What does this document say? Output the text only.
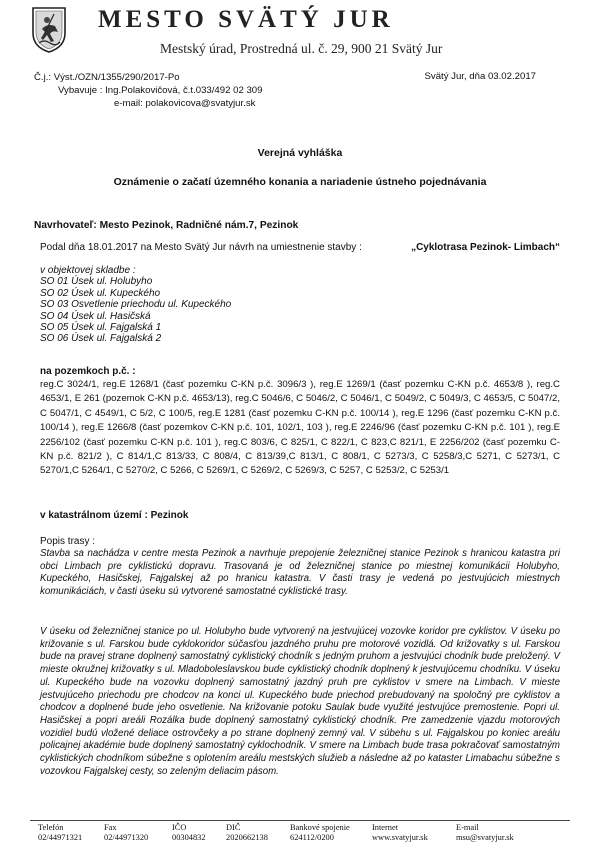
MESTO SVÄTÝ JUR
Mestský úrad, Prostredná ul. č. 29, 900 21 Svätý Jur
Č.j.: Výst./OZN/1355/290/2017-Po
Vybavuje : Ing.Polakovičová, č.t.033/492 02 309
e-mail: polakovicova@svatyjur.sk
Svätý Jur, dňa 03.02.2017
Verejná vyhláška
Oznámenie o začatí územného konania a nariadenie ústneho pojednávania
Navrhovateľ: Mesto Pezinok, Radničné nám.7, Pezinok
Podal dňa 18.01.2017 na Mesto Svätý Jur návrh na umiestnenie stavby :	„Cyklotrasa Pezinok- Limbach“
v objektovej skladbe :
SO 01 Úsek ul. Holubyho
SO 02 Úsek ul. Kupeckého
SO 03 Osvetlenie priechodu ul. Kupeckého
SO 04 Úsek ul. Hasičská
SO 05 Úsek ul. Fajgalská 1
SO 06 Úsek ul. Fajgalská 2
na pozemkoch p.č. :
reg.C 3024/1, reg.E 1268/1 (časť pozemku C-KN p.č. 3096/3 ), reg.E 1269/1 (časť pozemku C-KN p.č. 4653/8 ), reg.C 4653/1, E 261 (pozemok C-KN p.č. 4653/13), reg.C 5046/6, C 5046/2, C 5046/1, C 5049/2, C 5049/3, C 4653/5, C 5047/2, C 5047/1, C 4549/1, C 5/2, C 100/5, reg.E 1281 (časť pozemku C-KN p.č. 100/14 ), reg.E 1296 (časť pozemku C-KN p.č. 100/14 ), reg.E 1266/8 (časť pozemkov C-KN p.č. 101, 102/1, 103 ), reg.E 2246/96 (časť pozemku C-KN p.č. 101 ), reg.E 2256/102 (časť pozemku C-KN p.č. 101 ), reg.C 803/6, C 825/1, C 822/1, C 823,C 821/1, E 2256/202 (časť pozemku C-KN p.č. 821/2 ), C 814/1,C 813/33, C 808/4, C 813/39,C 813/1, C 808/1, C 5273/3, C 5258/3,C 5271, C 5273/1, C 5270/1,C 5264/1, C 5270/2, C 5266, C 5269/1, C 5269/2, C 5269/3, C 5257, C 5253/2, C 5253/1
v katastrálnom území : Pezinok
Popis trasy :
Stavba sa nachádza v centre mesta Pezinok a navrhuje prepojenie železničnej stanice Pezinok s hranicou katastra pri obci Limbach pre cyklistickú dopravu. Trasovaná je od železničnej stanice po miestnej komunikácii Holubyho, Kupeckého, Hasičskej, Fajgalskej až po hranicu katastra. V časti trasy je vedená po jestvujúcich miestnych komunikáciách, v časti úseku sú vytvorené samostatné cyklistické trasy.
V úseku od železničnej stanice po ul. Holubyho bude vytvorený na jestvujúcej vozovke koridor pre cyklistov. V úseku po križovanie s ul. Farskou bude cyklokoridor súčasťou jazdného pruhu pre motorové vozidlá. Od križovatky s ul. Farskou bude na pravej strane doplnený samostatný cyklistický chodník s jedným pruhom a jestvujúci chodník bude preložený. V mieste okružnej križovatky s ul. Mladoboleslavskou bude cyklistický chodník doplnený k jestvujúcemu chodníku. V úseku ul. Kupeckého bude na vozovku doplnený samostatný jazdný pruh pre cyklistov v smere na Limbach. V mieste jestvujúceho priechodu pre chodcov na konci ul. Kupeckého bude priechod prebudovaný na spoločný pre cyklistov a chodcov a doplnené bude jeho osvetlenie. Na križovanie potoku Saulak bude využité jestvujúce premostenie. Popri ul. Hasičskej a popri areáli Rozálka bude doplnený samostatný cyklistický chodník. Pre zamedzenie vjazdu motorových vozidiel budú vložené deliace ostrovčeky a po strane doplnený zemný val. V súbehu s ul. Fajgalskou po koniec areálu policajnej akadémie bude doplnený samostatný cyklochodník. V smere na Limbach bude trasa pokračovať samostatným cyklistických chodníkom súbežne s oplotením areálu mestských služieb a následne až po kataster Limabachu súbežne s vozovkou Fajgalskej cesty, so zeleným deliacim pásom.
Telefón
02/44971321
Fax
02/44971320
IČO
00304832
DIČ
2020662138
Bankové spojenie
624112/0200
Internet
www.svatyjur.sk
E-mail
msu@svatyjur.sk
